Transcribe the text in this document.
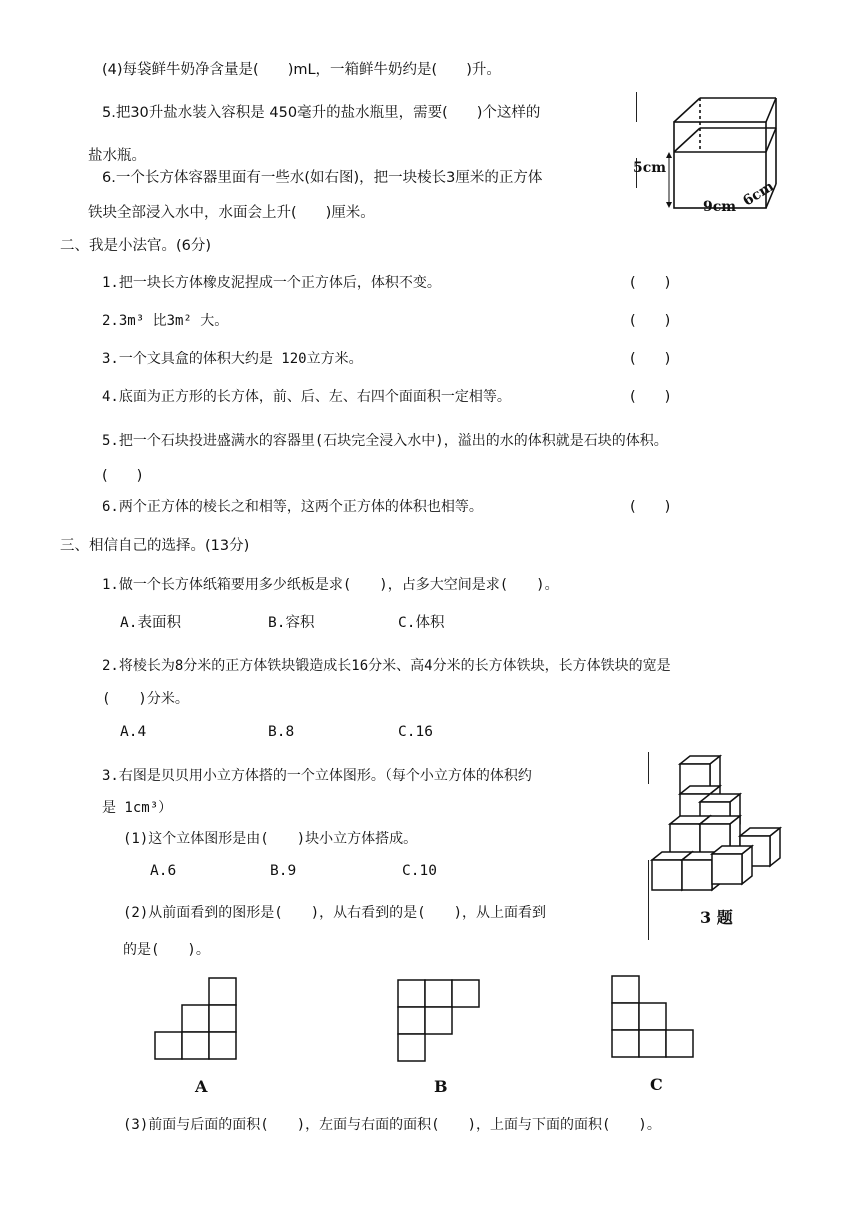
(4)每袋鲜牛奶净含量是(　　)mL，一箱鲜牛奶约是(　　)升。
5.把30升盐水装入容积是 450毫升的盐水瓶里，需要(　　)个这样的
盐水瓶。
6.一个长方体容器里面有一些水(如右图)，把一块棱长3厘米的正方体
铁块全部浸入水中，水面会上升(　　)厘米。
5cm
9cm 6cm
二、我是小法官。(6分)
1.把一块长方体橡皮泥捏成一个正方体后，体积不变。	(　　)
2.3m³ 比3m² 大。	(　　)
3.一个文具盒的体积大约是 120立方米。	(　　)
4.底面为正方形的长方体，前、后、左、右四个面面积一定相等。	(　　)
5.把一个石块投进盛满水的容器里(石块完全浸入水中)，溢出的水的体积就是石块的体积。
(　　)
6.两个正方体的棱长之和相等，这两个正方体的体积也相等。	(　　)
三、相信自己的选择。(13分)
1.做一个长方体纸箱要用多少纸板是求(　　)，占多大空间是求(　　)。
A.表面积	B.容积	C.体积
2.将棱长为8分米的正方体铁块锻造成长16分米、高4分米的长方体铁块，长方体铁块的宽是
(　　)分米。
A.4	B.8	C.16
3.右图是贝贝用小立方体搭的一个立体图形。（每个小立方体的体积约
是 1cm³）
(1)这个立体图形是由(　　)块小立方体搭成。
A.6	B.9	C.10
(2)从前面看到的图形是(　　)，从右看到的是(　　)，从上面看到
的是(　　)。
3 题
A	B	C
(3)前面与后面的面积(　　)，左面与右面的面积(　　)，上面与下面的面积(　　)。
